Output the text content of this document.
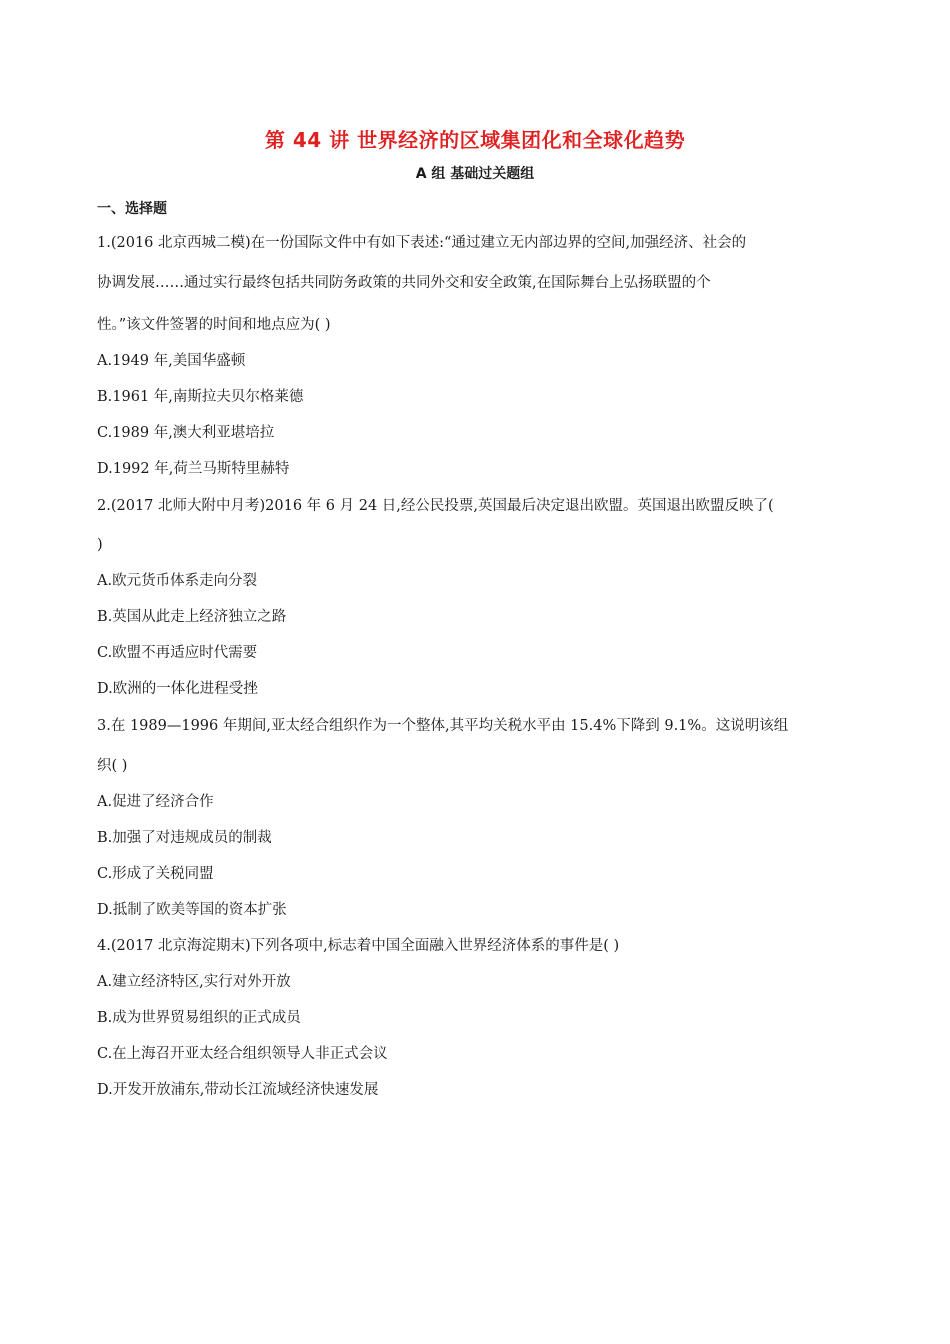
第 44 讲 世界经济的区域集团化和全球化趋势
A 组 基础过关题组
一、选择题
1.(2016 北京西城二模)在一份国际文件中有如下表述:“通过建立无内部边界的空间,加强经济、社会的
协调发展……通过实行最终包括共同防务政策的共同外交和安全政策,在国际舞台上弘扬联盟的个
性。”该文件签署的时间和地点应为( )
A.1949 年,美国华盛顿
B.1961 年,南斯拉夫贝尔格莱德
C.1989 年,澳大利亚堪培拉
D.1992 年,荷兰马斯特里赫特
2.(2017 北师大附中月考)2016 年 6 月 24 日,经公民投票,英国最后决定退出欧盟。英国退出欧盟反映了(
)
A.欧元货币体系走向分裂
B.英国从此走上经济独立之路
C.欧盟不再适应时代需要
D.欧洲的一体化进程受挫
3.在 1989—1996 年期间,亚太经合组织作为一个整体,其平均关税水平由 15.4%下降到 9.1%。这说明该组
织( )
A.促进了经济合作
B.加强了对违规成员的制裁
C.形成了关税同盟
D.抵制了欧美等国的资本扩张
4.(2017 北京海淀期末)下列各项中,标志着中国全面融入世界经济体系的事件是( )
A.建立经济特区,实行对外开放
B.成为世界贸易组织的正式成员
C.在上海召开亚太经合组织领导人非正式会议
D.开发开放浦东,带动长江流域经济快速发展
